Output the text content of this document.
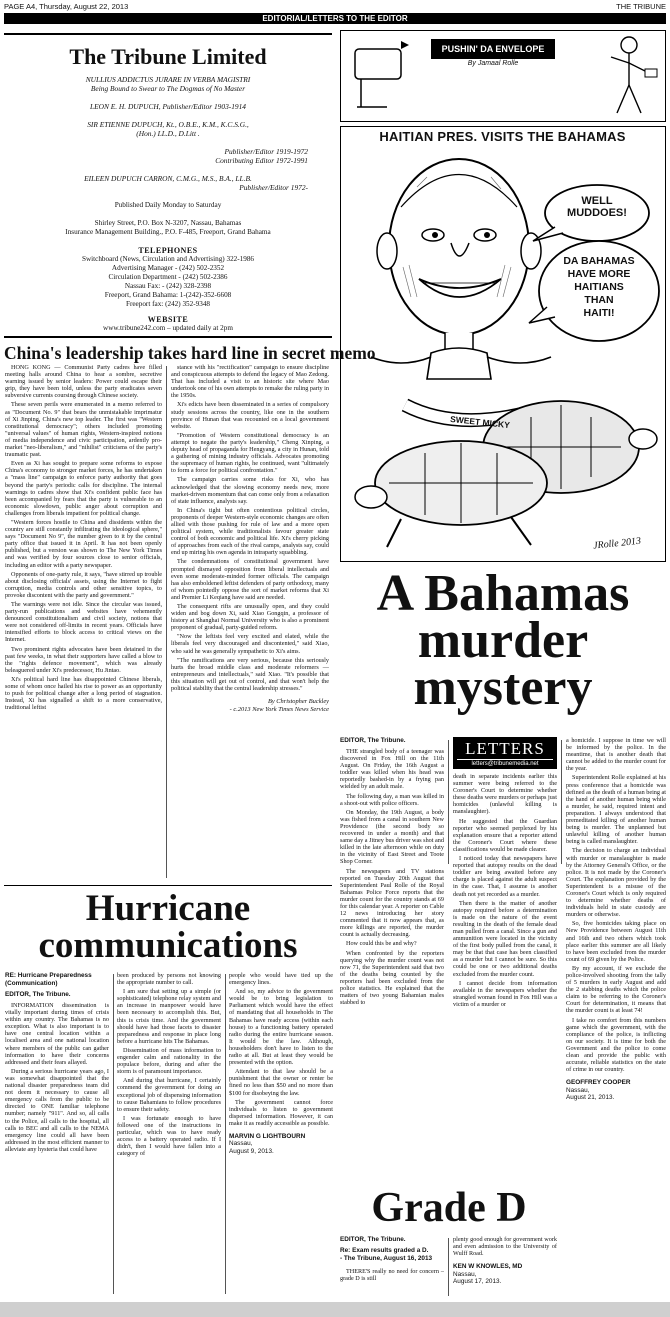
PAGE A4, Thursday, August 22, 2013	THE TRIBUNE
EDITORIAL/LETTERS TO THE EDITOR
The Tribune Limited
NULLIUS ADDICTUS JURARE IN VERBA MAGISTRI
Being Bound to Swear to The Dogmas of No Master
LEON E. H. DUPUCH, Publisher/Editor 1903-1914
SIR ETIENNE DUPUCH, Kt., O.B.E., K.M., K.C.S.G.,
(Hon.) LL.D., D.Litt .
Publisher/Editor 1919-1972
Contributing Editor 1972-1991
EILEEN DUPUCH CARRON, C.M.G., M.S., B.A., LL.B.
Publisher/Editor 1972-
Published Daily Monday to Saturday
Shirley Street, P.O. Box N-3207, Nassau, Bahamas
Insurance Management Building., P.O. F-485, Freeport, Grand Bahama
TELEPHONES
Switchboard (News, Circulation and Advertising) 322-1986
Advertising Manager - (242) 502-2352
Circulation Department - (242) 502-2386
Nassau Fax: - (242) 328-2398
Freeport, Grand Bahama: 1-(242)-352-6608
Freeport fax: (242) 352-9348
WEBSITE
www.tribune242.com – updated daily at 2pm
China's leadership takes hard line in secret memo

HONG KONG — Communist Party cadres have filled meeting halls around China to hear a sombre, secretive warning issued by senior leaders: Power could escape their grip, they have been told, unless the party eradicates seven subversive currents coursing through Chinese society.

These seven perils were enumerated in a memo referred to as "Document No. 9" that bears the unmistakable imprimatur of Xi Jinping, China's new top leader. The first was "Western constitutional democracy"; others included promoting "universal values" of human rights, Western-inspired notions of media independence and civic participation, ardently pro-market "neo-liberalism," and "nihilist" criticisms of the party's traumatic past.

Even as Xi has sought to prepare some reforms to expose China's economy to stronger market forces, he has undertaken a "mass line" campaign to enforce party authority that goes beyond the party's periodic calls for discipline. The internal warnings to cadres show that Xi's confident public face has been accompanied by fears that the party is vulnerable to an economic slowdown, public anger about corruption and challenges from liberals impatient for political change.

"Western forces hostile to China and dissidents within the country are still constantly infiltrating the ideological sphere," says "Document No 9", the number given to it by the central party office that issued it in April. It has not been openly published, but a version was shown to The New York Times and was verified by four sources close to senior officials, including an editor with a party newspaper.

Opponents of one-party rule, it says, "have stirred up trouble about disclosing officials' assets, using the Internet to fight corruption, media controls and other sensitive topics, to provoke discontent with the party and government."

The warnings were not idle. Since the circular was issued, party-run publications and websites have vehemently denounced constitutionalism and civil society, notions that were not considered off-limits in recent years. Officials have intensified efforts to block access to critical views on the Internet.

Two prominent rights advocates have been detained in the past few weeks, in what their supporters have called a blow to the "rights defence movement", which was already beleaguered under Xi's predecessor, Hu Jintao.

Xi's political hard line has disappointed Chinese liberals, some of whom once hailed his rise to power as an opportunity to push for political change after a long period of stagnation. Instead, Xi has signalled a shift to a more conservative, traditional leftist

stance with his "rectification" campaign to ensure discipline and conspicuous attempts to defend the legacy of Mao Zedong. That has included a visit to an historic site where Mao undertook one of his own attempts to remake the ruling party in the 1950s.

Xi's edicts have been disseminated in a series of compulsory study sessions across the country, like one in the southern province of Hunan that was recounted on a local government website.

"Promotion of Western constitutional democracy is an attempt to negate the party's leadership," Cheng Xinping, a deputy head of propaganda for Hengyang, a city in Hunan, told a gathering of mining industry officials. Advocates promoting the supremacy of human rights, he continued, want "ultimately to form a force for political confrontation."

The campaign carries some risks for Xi, who has acknowledged that the slowing economy needs new, more market-driven momentum that can come only from a relaxation of state influence, analysts say.

In China's tight but often contentious political circles, proponents of deeper Western-style economic changes are often allied with those pushing for rule of law and a more open political system, while traditionalists favour greater state control of both economic and political life. Xi's cherry picking of approaches from each of the rival camps, analysts say, could end up miring his own agenda in intraparty squabbling.

The condemnations of constitutional government have prompted dismayed opposition from liberal intellectuals and even some moderate-minded former officials. The campaign has also emboldened leftist defenders of party orthodoxy, many of whom pointedly oppose the sort of market reforms that Xi and Premier Li Keqiang have said are needed.

The consequent rifts are unusually open, and they could widen and bog down Xi, said Xiao Gongqin, a professor of history at Shanghai Normal University who is also a prominent proponent of gradual, party-guided reform.

"Now the leftists feel very excited and elated, while the liberals feel very discouraged and discontented," said Xiao, who said he was generally sympathetic to Xi's aims.

"The ramifications are very serious, because this seriously hurts the broad middle class and moderate reformers — entrepreneurs and intellectuals," said Xiao. "It's possible that this situation will get out of control, and that won't help the political stability that the central leadership stresses."

By Christopher Buckley
- c.2013 New York Times News Service
PUSHIN' DA ENVELOPE
By Jamaal Rolle
HAITIAN PRES. VISITS THE BAHAMAS
WELL
MUDDOES!
DA BAHAMAS
HAVE MORE
HAITIANS
THAN
HAITI!
SWEET MICKY
JRolle 2013
A Bahamas
murder
mystery
EDITOR, The Tribune.

THE strangled body of a teenager was discovered in Fox Hill on the 11th August. On Friday, the 16th August a toddler was killed when his head was reportedly bashed-in by a frying pan wielded by an adult male.

The following day, a man was killed in a shoot-out with police officers.

On Monday, the 19th August, a body was fished from a canal in southern New Providence (the second body so recovered in under a month) and that same day a Jitney bus driver was shot and killed in the late afternoon while on duty in the vicinity of East Street and Toote Shop Corner.

The newspapers and TV stations reported on Tuesday 20th August that Superintendent Paul Rolle of the Royal Bahamas Police Force reports that the murder count for the country stands at 69 for this calendar year. A reporter on Cable 12 news introducing her story commented that it now appears that, as more killings are reported, the murder count is actually decreasing.

How could this be and why?

When confronted by the reporters querying why the murder count was not now 71, the Superintendent said that two of the deaths being counted by the reporters had been excluded from the police statistics. He explained that the matters of two young Bahamian males stabbed to

LETTERS
letters@tribunemedia.net

death in separate incidents earlier this summer were being referred to the Coroner's Court to determine whether these deaths were murders or perhaps just homicides (unlawful killing is manslaughter).

He suggested that the Guardian reporter who seemed perplexed by his explanation ensure that a reporter attend the Coroner's Court where these classifications would be made clearer.

I noticed today that newspapers have reported that autopsy results on the dead toddler are being awaited before any charge is placed against the adult suspect in the case. That, I assume is another death not yet recorded as a murder.

Then there is the matter of another autopsy required before a determination is made on the nature of the event resulting in the death of the female dead man pulled from a canal. Since a gun and ammunition were located in the vicinity of the first body pulled from the canal, it may be that that case has been classified as a murder but I cannot be sure. So this could be one or two additional deaths excluded from the murder count.

I cannot decide from information available in the newspapers whether the strangled woman found in Fox Hill was a victim of a murder or

a homicide. I suppose in time we will be informed by the police. In the meantime, that is another death that cannot be added to the murder count for the year.

Superintendent Rolle explained at his press conference that a homicide was defined as the death of a human being at the hand of another human being while a murder, he said, required intent and preparation. I always understood that premeditated killing of another human being is murder. The unplanned but unlawful killing of another human being is called manslaughter.

The decision to charge an individual with murder or manslaughter is made by the Attorney General's Office, or the police. It is not made by the Coroner's Court. The explanation provided by the Superintendent is a misuse of the Coroner's Court which is only required to determine whether deaths of individuals held in state custody are murders or otherwise.

So, five homicides taking place on New Providence between August 11th and 16th and two others which took place earlier this summer are all likely to have been excluded from the murder count of 69 given by the Police.

By my account, if we exclude the police-involved shooting from the tally of 5 murders in early August and add the 2 stabbing deaths which the police claim to be referring to the Coroner's Court for determination, it means that the murder count is at least 74!

I take no comfort from this numbers game which the government, with the compliance of the police, is inflicting on our society. It is time for both the Government and the police to come clean and provide the public with accurate, reliable statistics on the state of crime in our country.

GEOFFREY COOPER
Nassau,
August 21, 2013.
Hurricane
communications
RE: Hurricane Preparedness (Communication)
EDITOR, The Tribune.

INFORMATION dissemination is vitally important during times of crisis within any country. The Bahamas is no exception. What is also important is to have one central location within a localised area and one national location where members of the public can gather information to have their concerns addressed and their fears allayed.

During a serious hurricane years ago, I was somewhat disappointed that the national disaster preparedness team did not deem it necessary to cause all emergency calls from the public to be directed to ONE familiar telephone number; namely "911". And so, all calls to the Police, all calls to the hospital, all calls to BEC and all calls to the NEMA emergency line could all have been addressed in the most efficient manner to alleviate any hysteria that could have

been produced by persons not knowing the appropriate number to call.

I am sure that setting up a simple (or sophisticated) telephone relay system and an increase in manpower would have been necessary to accomplish this. But, this is crisis time. And the government should have had those facets to disaster preparedness and response in place long before a hurricane hits The Bahamas.

Dissemination of mass information to engender calm and rationality in the populace before, during and after the storm is of paramount importance.

And during that hurricane, I certainly commend the government for doing an exceptional job of dispensing information to cause Bahamians to follow procedures to ensure their safety.

I was fortunate enough to have followed one of the instructions in particular, which was to have ready access to a battery operated radio. If I didn't, then I would have fallen into a category of

people who would have tied up the emergency lines.

And so, my advice to the government would be to bring legislation to Parliament which would have the effect of mandating that all households in The Bahamas have ready access (within each house) to a functioning battery operated radio during the entire hurricane season. It would be the law. Although, householders don't have to listen to the radio at all. But at least they would be presented with the option.

Attendant to that law should be a punishment that the owner or renter be fined no less than $50 and no more than $100 for disobeying the law.

The government cannot force individuals to listen to government dispersed information. However, it can make it as readily accessible as possible.

MARVIN G LIGHTBOURN
Nassau,
August 9, 2013.
Grade D
EDITOR, The Tribune.
Re: Exam results graded a D.
- The Tribune, August 16, 2013

THERE'S really no need for concern – grade D is still

plenty good enough for government work and even admission to the University of Wulff Road.

KEN W KNOWLES, MD
Nassau,
August 17, 2013.
